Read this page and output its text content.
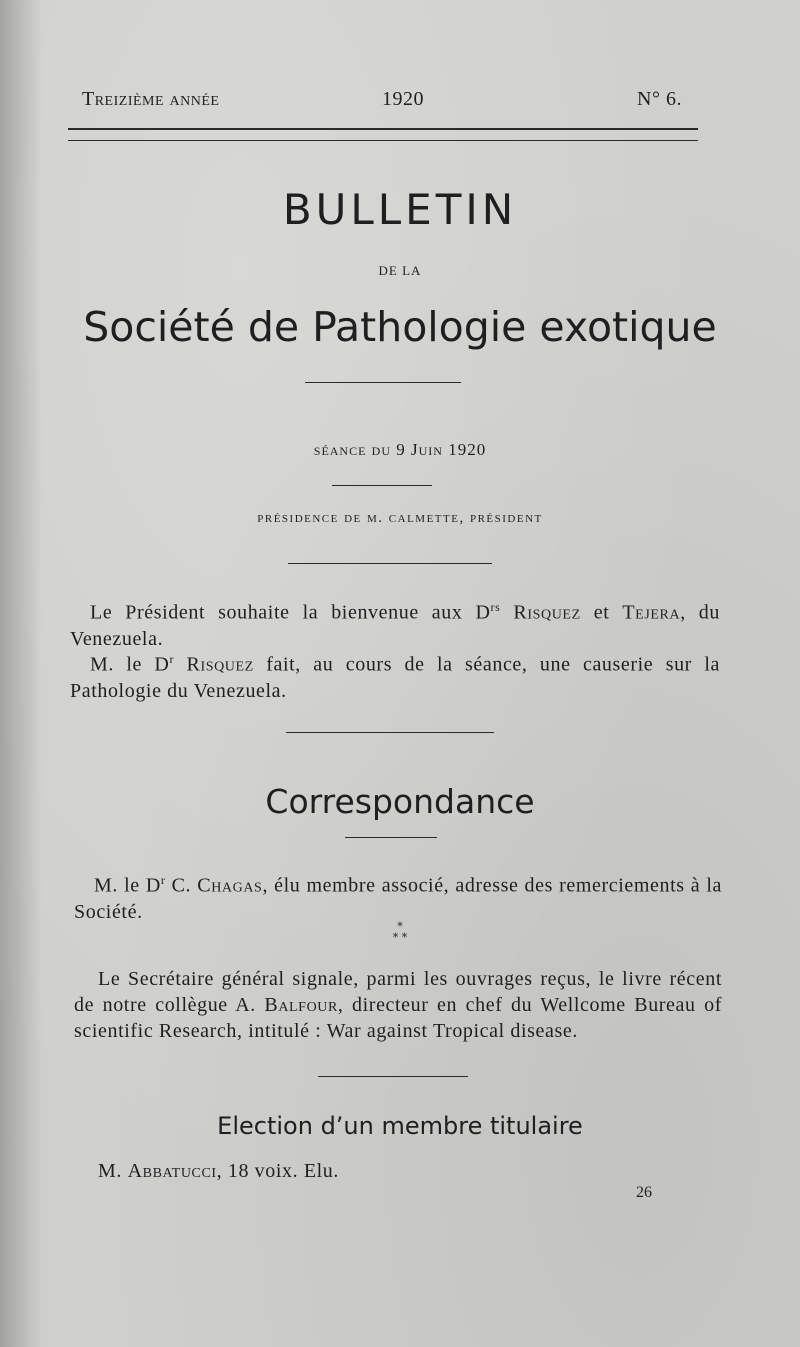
Treizième année	1920	N° 6.
BULLETIN
DE LA
Société de Pathologie exotique
séance du 9 Juin 1920
présidence de m. calmette, président
Le Président souhaite la bienvenue aux $D^{rs}$ Risquez et Tejera, du Venezuela.
M. le $D^r$ Risquez fait, au cours de la séance, une causerie sur la Pathologie du Venezuela.
Correspondance
M. le $D^r$ C. Chagas, élu membre associé, adresse des remerciements à la Société.
*
* *
Le Secrétaire général signale, parmi les ouvrages reçus, le livre récent de notre collègue A. Balfour, directeur en chef du Wellcome Bureau of scientific Research, intitulé : War against Tropical disease.
Election d’un membre titulaire
M. Abbatucci, 18 voix. Elu.
26
